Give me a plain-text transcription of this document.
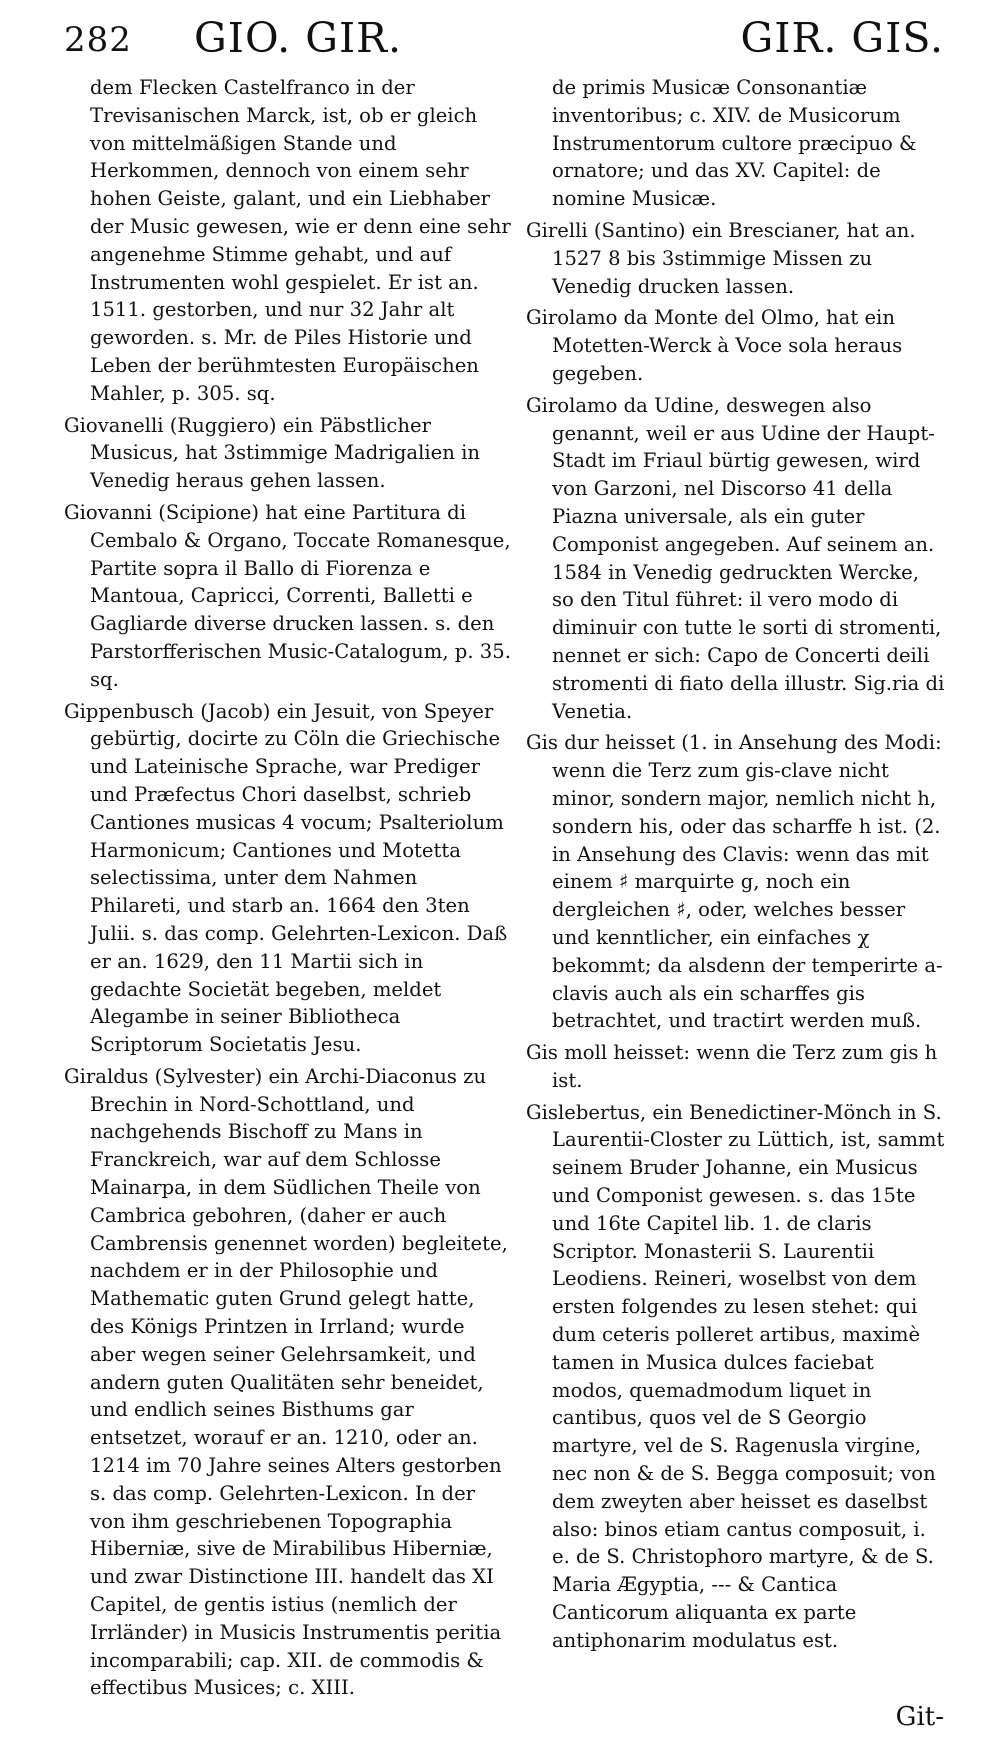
282 GIO. GIR.	GIR. GIS.

dem Flecken Castelfranco in der Trevisanischen Marck, ist, ob er gleich von mittelmäßigen Stande und Herkommen, dennoch von einem sehr hohen Geiste, galant, und ein Liebhaber der Music gewesen, wie er denn eine sehr angenehme Stimme gehabt, und auf Instrumenten wohl gespielet. Er ist an. 1511. gestorben, und nur 32 Jahr alt geworden. s. Mr. de Piles Historie und Leben der berühmtesten Europäischen Mahler, p. 305. sq.

Giovanelli (Ruggiero) ein Päbstlicher Musicus, hat 3stimmige Madrigalien in Venedig heraus gehen lassen.

Giovanni (Scipione) hat eine Partitura di Cembalo & Organo, Toccate Romanesque, Partite sopra il Ballo di Fiorenza e Mantoua, Capricci, Correnti, Balletti e Gagliarde diverse drucken lassen. s. den Parstorfferischen Music-Catalogum, p. 35. sq.

Gippenbusch (Jacob) ein Jesuit, von Speyer gebürtig, docirte zu Cöln die Griechische und Lateinische Sprache, war Prediger und Præfectus Chori daselbst, schrieb Cantiones musicas 4 vocum; Psalteriolum Harmonicum; Cantiones und Motetta selectissima, unter dem Nahmen Philareti, und starb an. 1664 den 3ten Julii. s. das comp. Gelehrten-Lexicon. Daß er an. 1629, den 11 Martii sich in gedachte Societät begeben, meldet Alegambe in seiner Bibliotheca Scriptorum Societatis Jesu.

Giraldus (Sylvester) ein Archi-Diaconus zu Brechin in Nord-Schottland, und nachgehends Bischoff zu Mans in Franckreich, war auf dem Schlosse Mainarpa, in dem Südlichen Theile von Cambrica gebohren, (daher er auch Cambrensis genennet worden) begleitete, nachdem er in der Philosophie und Mathematic guten Grund gelegt hatte, des Königs Printzen in Irrland; wurde aber wegen seiner Gelehrsamkeit, und andern guten Qualitäten sehr beneidet, und endlich seines Bisthums gar entsetzet, worauf er an. 1210, oder an. 1214 im 70 Jahre seines Alters gestorben s. das comp. Gelehrten-Lexicon. In der von ihm geschriebenen Topographia Hiberniæ, sive de Mirabilibus Hiberniæ, und zwar Distinctione III. handelt das XI Capitel, de gentis istius (nemlich der Irrländer) in Musicis Instrumentis peritia incomparabili; cap. XII. de commodis & effectibus Musices; c. XIII.

de primis Musicæ Consonantiæ inventoribus; c. XIV. de Musicorum Instrumentorum cultore præcipuo & ornatore; und das XV. Capitel: de nomine Musicæ.

Girelli (Santino) ein Brescianer, hat an. 1527 8 bis 3stimmige Missen zu Venedig drucken lassen.

Girolamo da Monte del Olmo, hat ein Motetten-Werck à Voce sola heraus gegeben.

Girolamo da Udine, deswegen also genannt, weil er aus Udine der Haupt-Stadt im Friaul bürtig gewesen, wird von Garzoni, nel Discorso 41 della Piazna universale, als ein guter Componist angegeben. Auf seinem an. 1584 in Venedig gedruckten Wercke, so den Titul führet: il vero modo di diminuir con tutte le sorti di stromenti, nennet er sich: Capo de Concerti deili stromenti di fiato della illustr. Sig.ria di Venetia.

Gis dur heisset (1. in Ansehung des Modi: wenn die Terz zum gis-clave nicht minor, sondern major, nemlich nicht h, sondern his, oder das scharffe h ist. (2. in Ansehung des Clavis: wenn das mit einem ♯ marquirte g, noch ein dergleichen ♯, oder, welches besser und kenntlicher, ein einfaches χ bekommt; da alsdenn der temperirte a-clavis auch als ein scharffes gis betrachtet, und tractirt werden muß.

Gis moll heisset: wenn die Terz zum gis h ist.

Gislebertus, ein Benedictiner-Mönch in S. Laurentii-Closter zu Lüttich, ist, sammt seinem Bruder Johanne, ein Musicus und Componist gewesen. s. das 15te und 16te Capitel lib. 1. de claris Scriptor. Monasterii S. Laurentii Leodiens. Reineri, woselbst von dem ersten folgendes zu lesen stehet: qui dum ceteris polleret artibus, maximè tamen in Musica dulces faciebat modos, quemadmodum liquet in cantibus, quos vel de S Georgio martyre, vel de S. Ragenusla virgine, nec non & de S. Begga composuit; von dem zweyten aber heisset es daselbst also: binos etiam cantus composuit, i. e. de S. Christophoro martyre, & de S. Maria Ægyptia, --- & Cantica Canticorum aliquanta ex parte antiphonarim modulatus est.

Git-
